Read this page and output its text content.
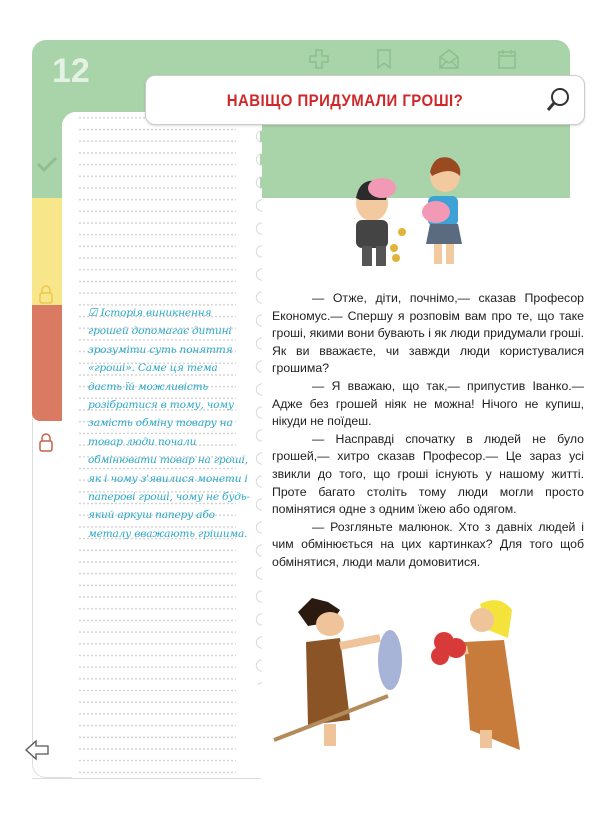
12
НАВІЩО ПРИДУМАЛИ ГРОШІ?
☑ Історія виникнення грошей допомагає дитині зрозуміти суть поняття «гроші». Саме ця тема дасть їй можливість розібратися в тому, чому замість обміну товару на товар люди почали обмінювати товар на гроші, як і чому з'явилися монети і паперові гроші, чому не будь-який аркуш паперу або металу вважають грішима.

— Отже, діти, почнімо,— сказав Професор Економус.— Спершу я розповім вам про те, що таке гроші, якими вони бувають і як люди придумали гроші. Як ви вважаєте, чи завжди люди користувалися грошима?

— Я вважаю, що так,— припустив Іванко.— Адже без грошей ніяк не можна! Нічого не купиш, нікуди не поїдеш.

— Насправді спочатку в людей не було грошей,— хитро сказав Професор.— Це зараз усі звикли до того, що гроші існують у нашому житті. Проте багато століть тому люди могли просто помінятися одне з одним їжею або одягом.

— Розгляньте малюнок. Хто з давніх людей і чим обмінюється на цих картинках? Для того щоб обмінятися, люди мали домовитися.
